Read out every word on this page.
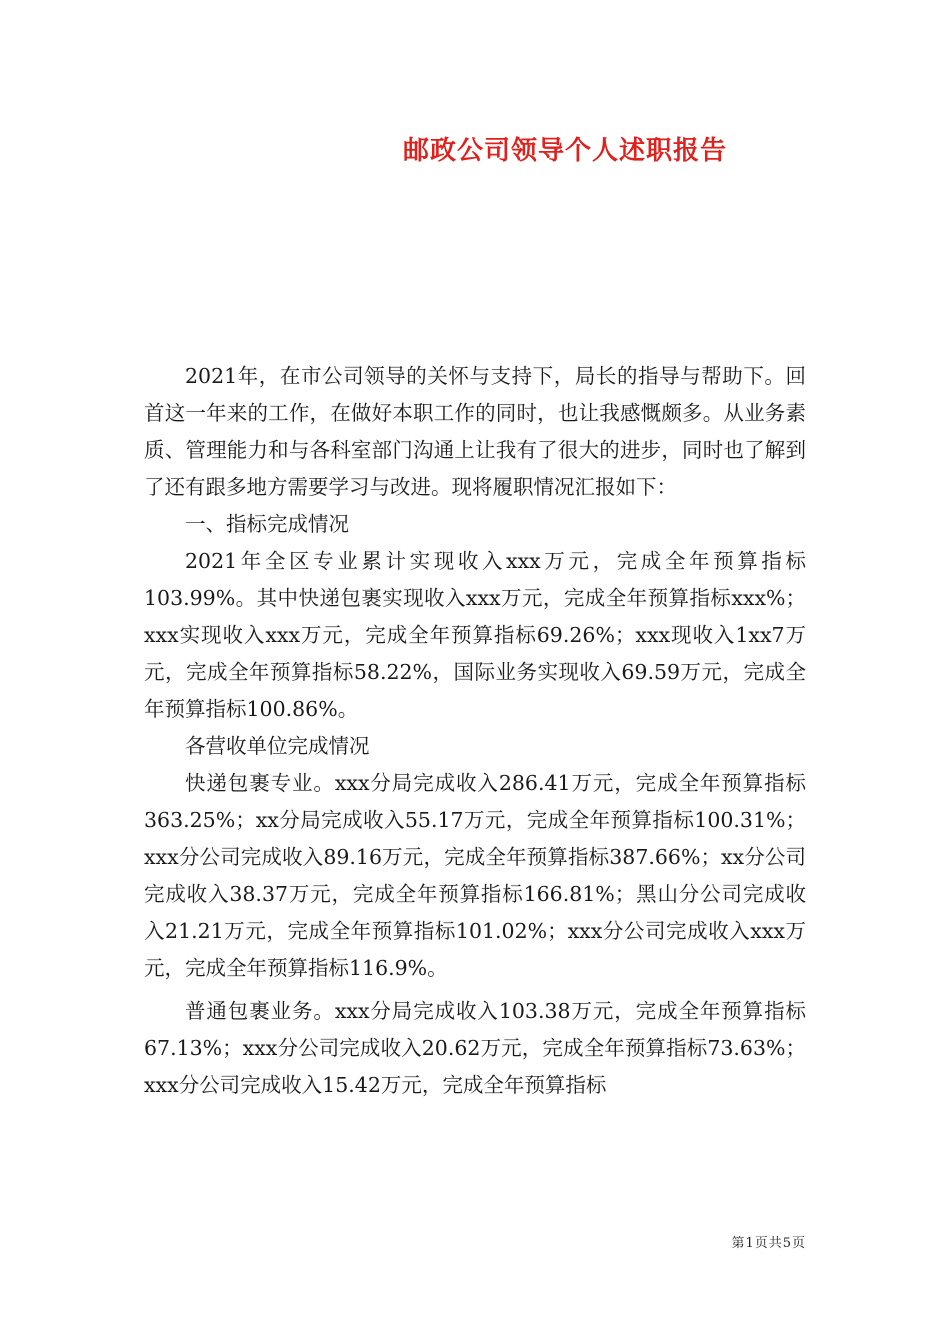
邮政公司领导个人述职报告

2021年，在市公司领导的关怀与支持下，局长的指导与帮助下。回首这一年来的工作，在做好本职工作的同时，也让我感慨颇多。从业务素质、管理能力和与各科室部门沟通上让我有了很大的进步，同时也了解到了还有跟多地方需要学习与改进。现将履职情况汇报如下：

一、指标完成情况

2021年全区专业累计实现收入xxx万元，完成全年预算指标103.99%。其中快递包裹实现收入xxx万元，完成全年预算指标xxx%；xxx实现收入xxx万元，完成全年预算指标69.26%；xxx现收入1xx7万元，完成全年预算指标58.22%，国际业务实现收入69.59万元，完成全年预算指标100.86%。

各营收单位完成情况

快递包裹专业。xxx分局完成收入286.41万元，完成全年预算指标363.25%；xx分局完成收入55.17万元，完成全年预算指标100.31%；xxx分公司完成收入89.16万元，完成全年预算指标387.66%；xx分公司完成收入38.37万元，完成全年预算指标166.81%；黑山分公司完成收入21.21万元，完成全年预算指标101.02%；xxx分公司完成收入xxx万元，完成全年预算指标116.9%。

普通包裹业务。xxx分局完成收入103.38万元，完成全年预算指标67.13%；xxx分公司完成收入20.62万元，完成全年预算指标73.63%；xxx分公司完成收入15.42万元，完成全年预算指标

第1页共5页
